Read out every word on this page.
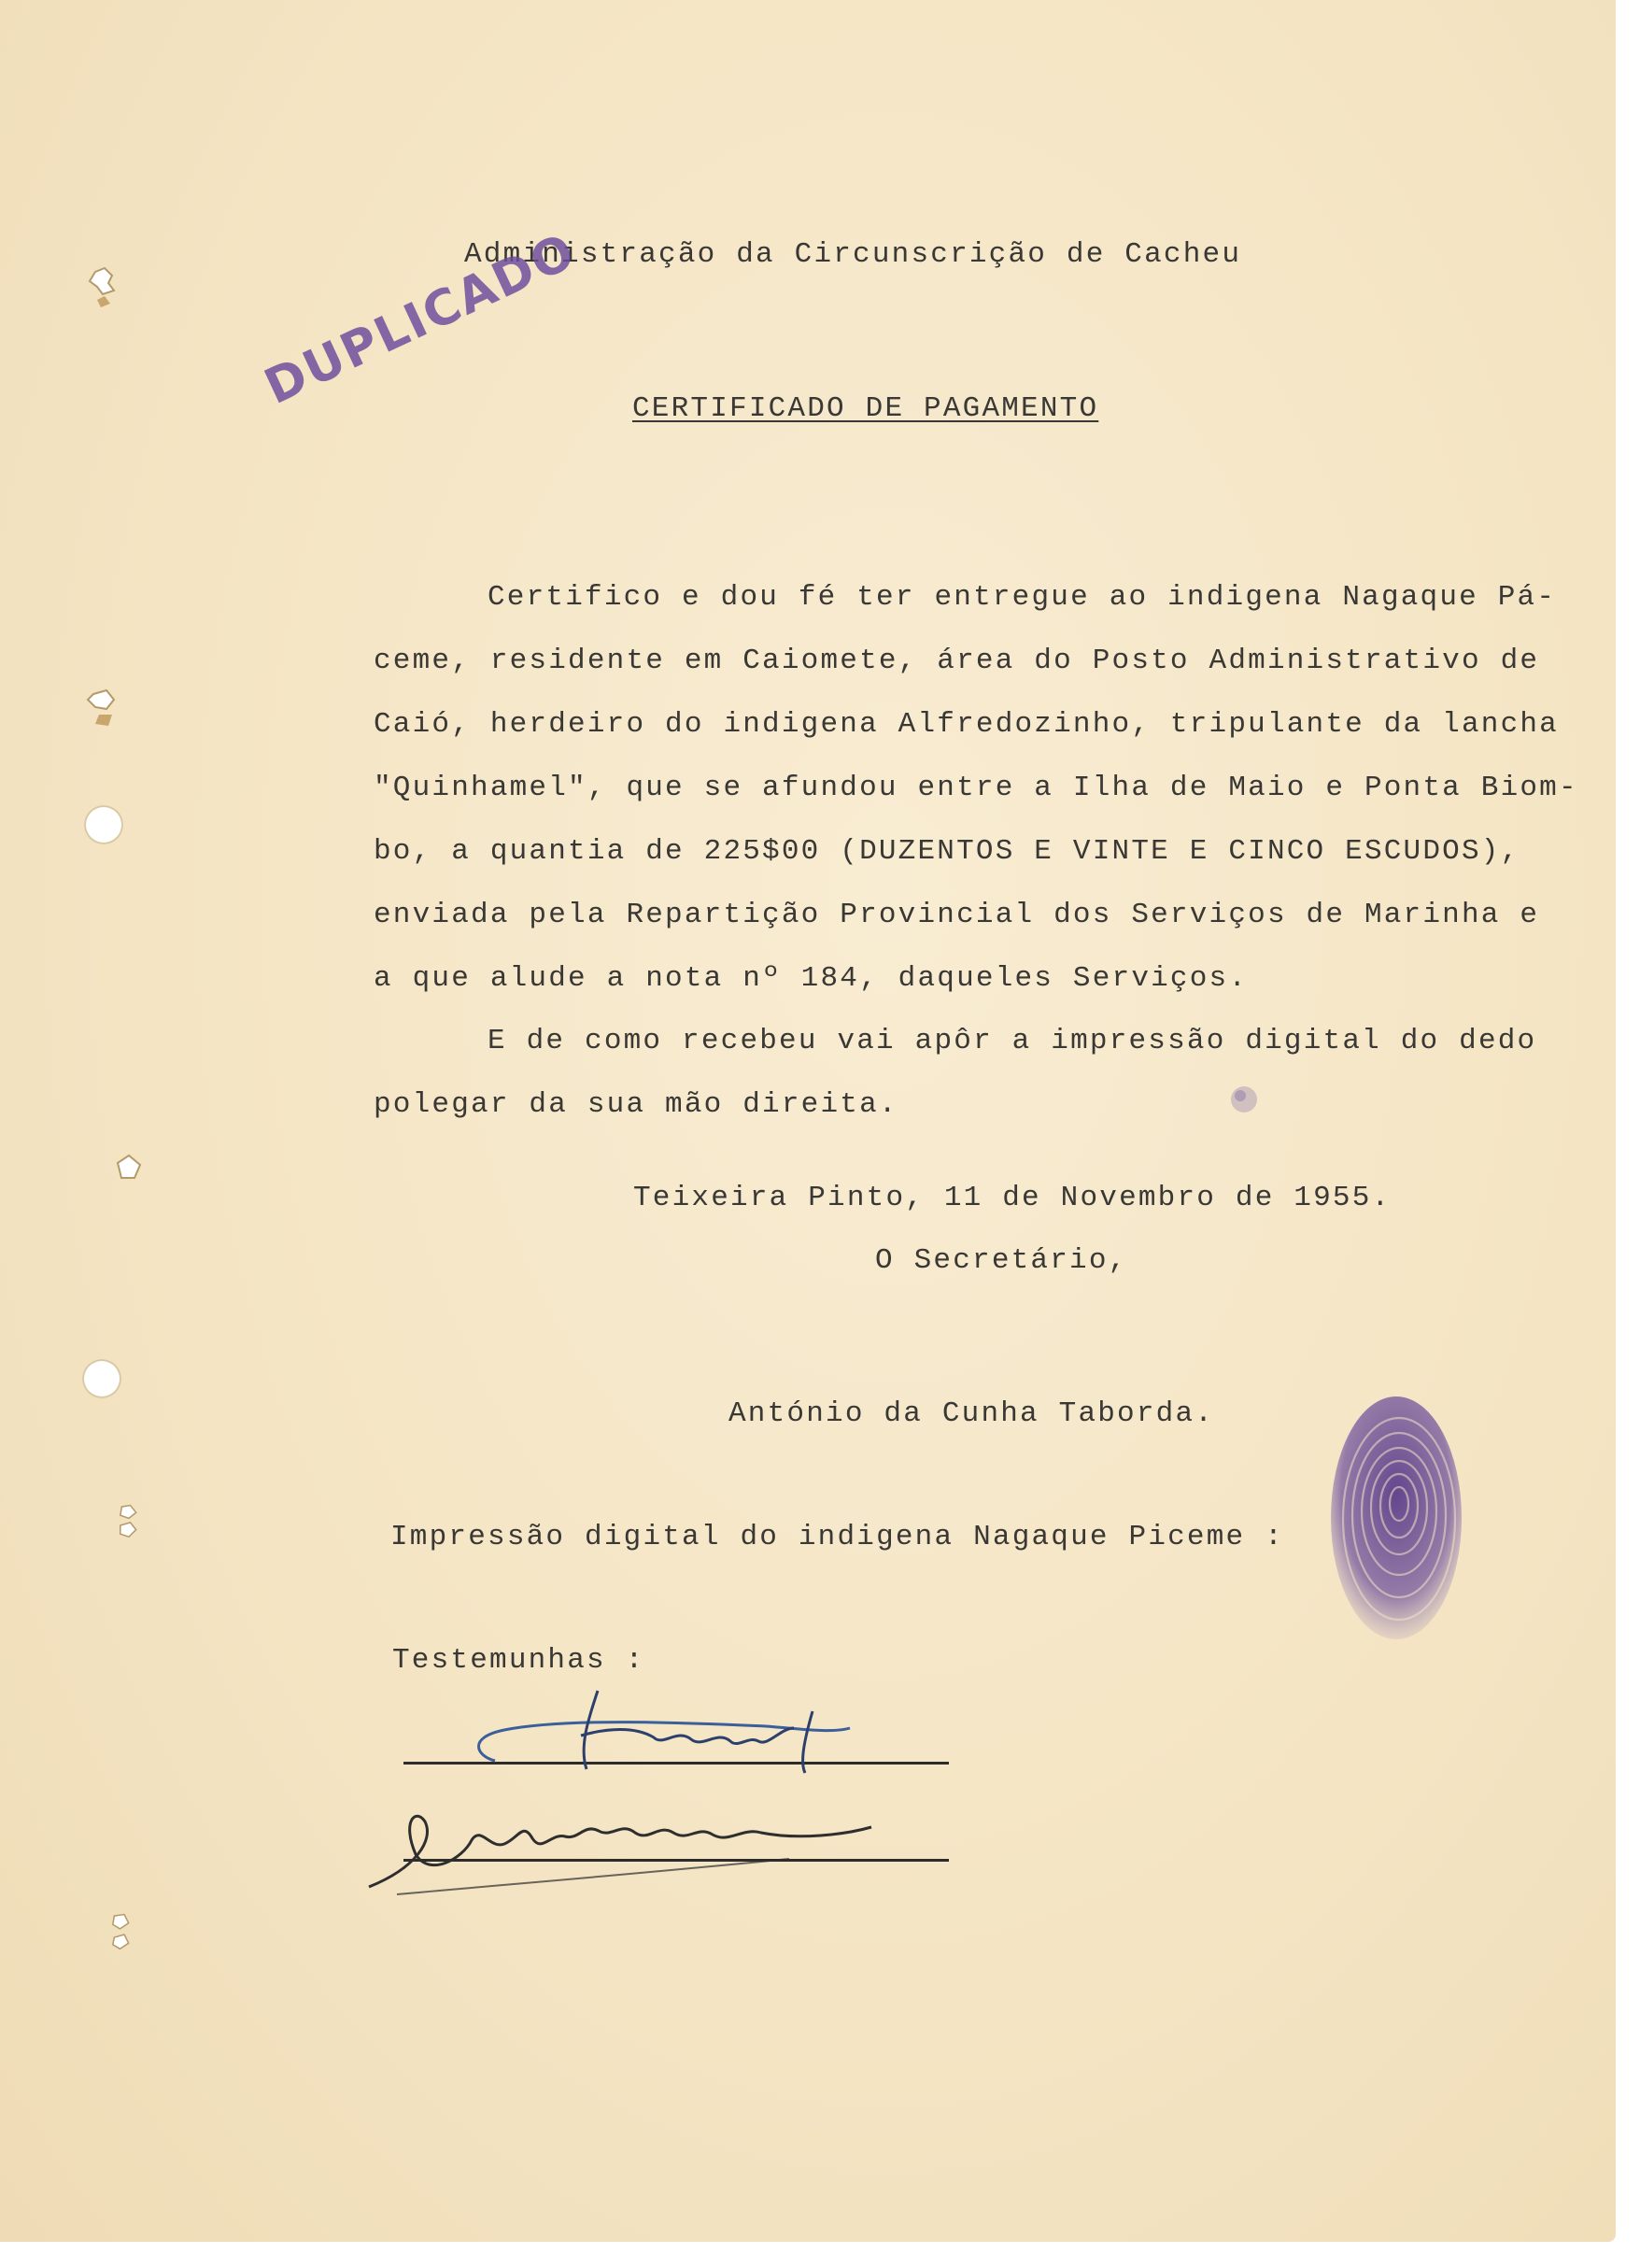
Administração da Circunscrição de Cacheu
DUPLICADO CERTIFICADO DE PAGAMENTO
Certifico e dou fé ter entregue ao indigena Nagaque Pá-
ceme, residente em Caiomete, área do Posto Administrativo de
Caió, herdeiro do indigena Alfredozinho, tripulante da lancha
"Quinhamel", que se afundou entre a Ilha de Maio e Ponta Biom-
bo, a quantia de 225$00 (DUZENTOS E VINTE E CINCO ESCUDOS),
enviada pela Repartição Provincial dos Serviços de Marinha e
a que alude a nota nº 184, daqueles Serviços.
E de como recebeu vai apôr a impressão digital do dedo
polegar da sua mão direita.
Teixeira Pinto, 11 de Novembro de 1955.
O Secretário,
António da Cunha Taborda.
Impressão digital do indigena Nagaque Piceme :
Testemunhas :
